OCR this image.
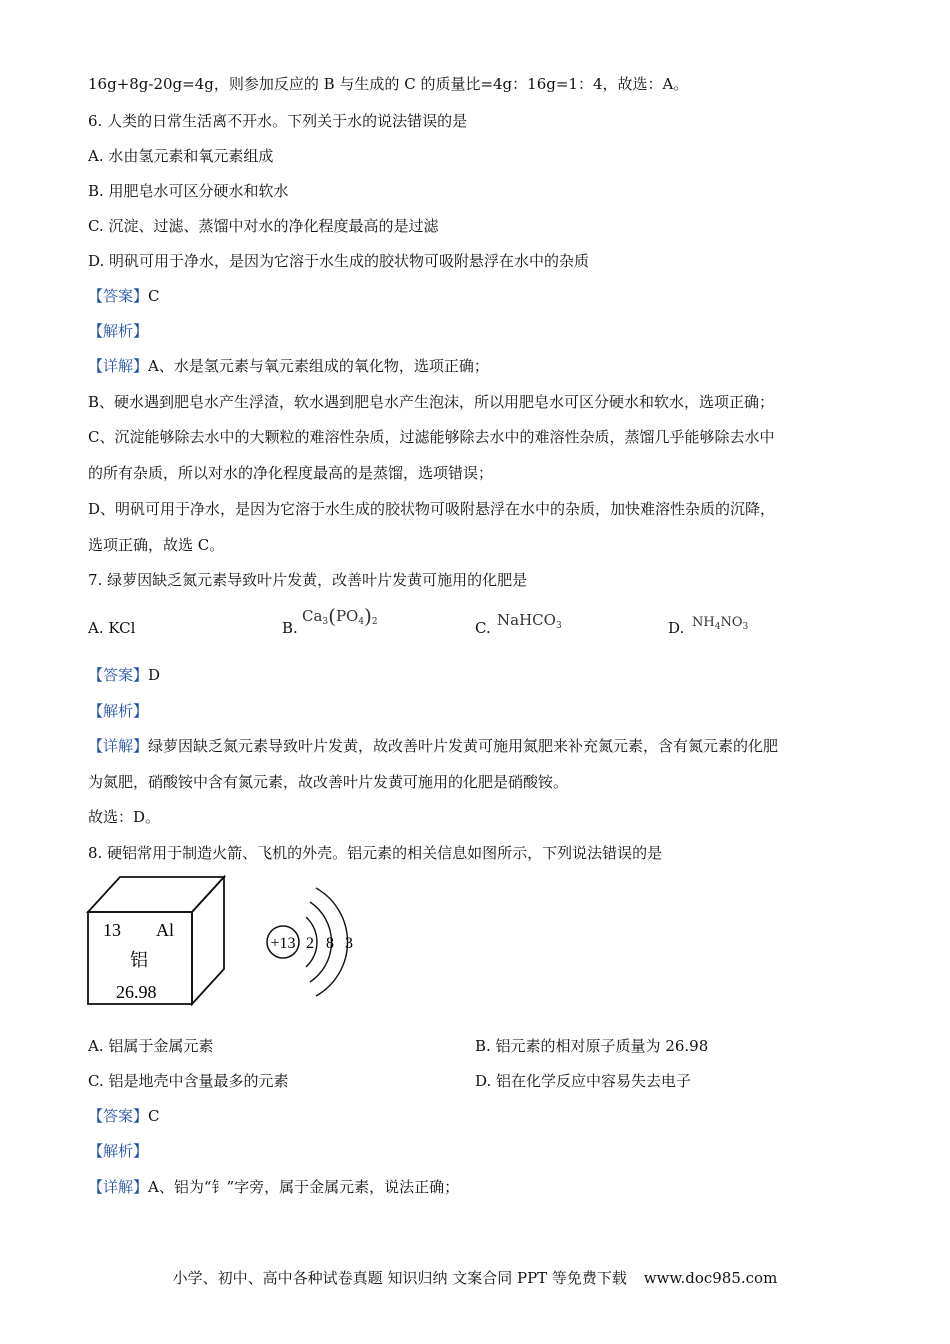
16g+8g-20g=4g，则参加反应的 B 与生成的 C 的质量比=4g：16g=1：4，故选：A。
6. 人类的日常生活离不开水。下列关于水的说法错误的是
A. 水由氢元素和氧元素组成
B. 用肥皂水可区分硬水和软水
C. 沉淀、过滤、蒸馏中对水的净化程度最高的是过滤
D. 明矾可用于净水，是因为它溶于水生成的胶状物可吸附悬浮在水中的杂质
【答案】C
【解析】
【详解】A、水是氢元素与氧元素组成的氧化物，选项正确；
B、硬水遇到肥皂水产生浮渣，软水遇到肥皂水产生泡沫，所以用肥皂水可区分硬水和软水，选项正确；
C、沉淀能够除去水中的大颗粒的难溶性杂质，过滤能够除去水中的难溶性杂质，蒸馏几乎能够除去水中
的所有杂质，所以对水的净化程度最高的是蒸馏，选项错误；
D、明矾可用于净水，是因为它溶于水生成的胶状物可吸附悬浮在水中的杂质，加快难溶性杂质的沉降，
选项正确，故选 C。
7. 绿萝因缺乏氮元素导致叶片发黄，改善叶片发黄可施用的化肥是
A. KCl	B.
$Ca_3(PO_4)_2$	C. NaHCO$_3$	D. $NH_4NO_3$
【答案】D
【解析】
【详解】绿萝因缺乏氮元素导致叶片发黄，故改善叶片发黄可施用氮肥来补充氮元素，含有氮元素的化肥
为氮肥，硝酸铵中含有氮元素，故改善叶片发黄可施用的化肥是硝酸铵。
故选：D。
8. 硬铝常用于制造火箭、飞机的外壳。铝元素的相关信息如图所示，下列说法错误的是
13 Al
铝
26.98
+13 2 8 3
A. 铝属于金属元素	B. 铝元素的相对原子质量为 26.98
C. 铝是地壳中含量最多的元素	D. 铝在化学反应中容易失去电子
【答案】C
【解析】
【详解】A、铝为“钅”字旁，属于金属元素，说法正确；
小学、初中、高中各种试卷真题 知识归纳 文案合同 PPT 等免费下载 www.doc985.com
